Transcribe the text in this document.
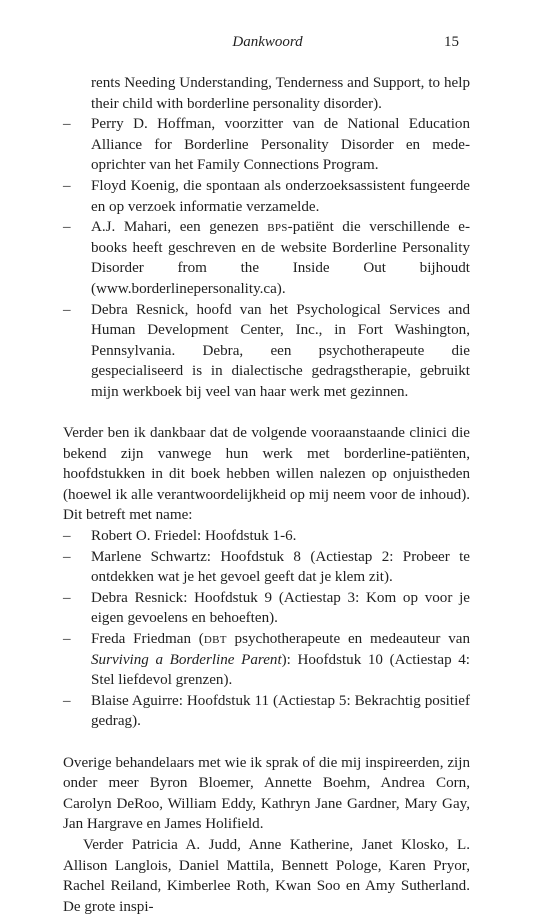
Dankwoord	15

rents Needing Understanding, Tenderness and Support, to help their child with borderline personality disorder).

– Perry D. Hoffman, voorzitter van de National Education Alliance for Borderline Personality Disorder en mede-oprichter van het Family Connections Program.

– Floyd Koenig, die spontaan als onderzoeksassistent fungeerde en op verzoek informatie verzamelde.

– A.J. Mahari, een genezen bps-patiënt die verschillende e-books heeft geschreven en de website Borderline Personality Disorder from the Inside Out bijhoudt (www.borderlinepersonality.ca).

– Debra Resnick, hoofd van het Psychological Services and Human Development Center, Inc., in Fort Washington, Pennsylvania. Debra, een psychotherapeute die gespecialiseerd is in dialectische gedragstherapie, gebruikt mijn werkboek bij veel van haar werk met gezinnen.

Verder ben ik dankbaar dat de volgende vooraanstaande clinici die bekend zijn vanwege hun werk met borderline-patiënten, hoofdstukken in dit boek hebben willen nalezen op onjuistheden (hoewel ik alle verantwoordelijkheid op mij neem voor de inhoud). Dit betreft met name:

– Robert O. Friedel: Hoofdstuk 1-6.

– Marlene Schwartz: Hoofdstuk 8 (Actiestap 2: Probeer te ontdekken wat je het gevoel geeft dat je klem zit).

– Debra Resnick: Hoofdstuk 9 (Actiestap 3: Kom op voor je eigen gevoelens en behoeften).

– Freda Friedman (dbt psychotherapeute en medeauteur van Surviving a Borderline Parent): Hoofdstuk 10 (Actiestap 4: Stel liefdevol grenzen).

– Blaise Aguirre: Hoofdstuk 11 (Actiestap 5: Bekrachtig positief gedrag).

Overige behandelaars met wie ik sprak of die mij inspireerden, zijn onder meer Byron Bloemer, Annette Boehm, Andrea Corn, Carolyn DeRoo, William Eddy, Kathryn Jane Gardner, Mary Gay, Jan Hargrave en James Holifield.

Verder Patricia A. Judd, Anne Katherine, Janet Klosko, L. Allison Langlois, Daniel Mattila, Bennett Pologe, Karen Pryor, Rachel Reiland, Kimberlee Roth, Kwan Soo en Amy Sutherland. De grote inspi-
